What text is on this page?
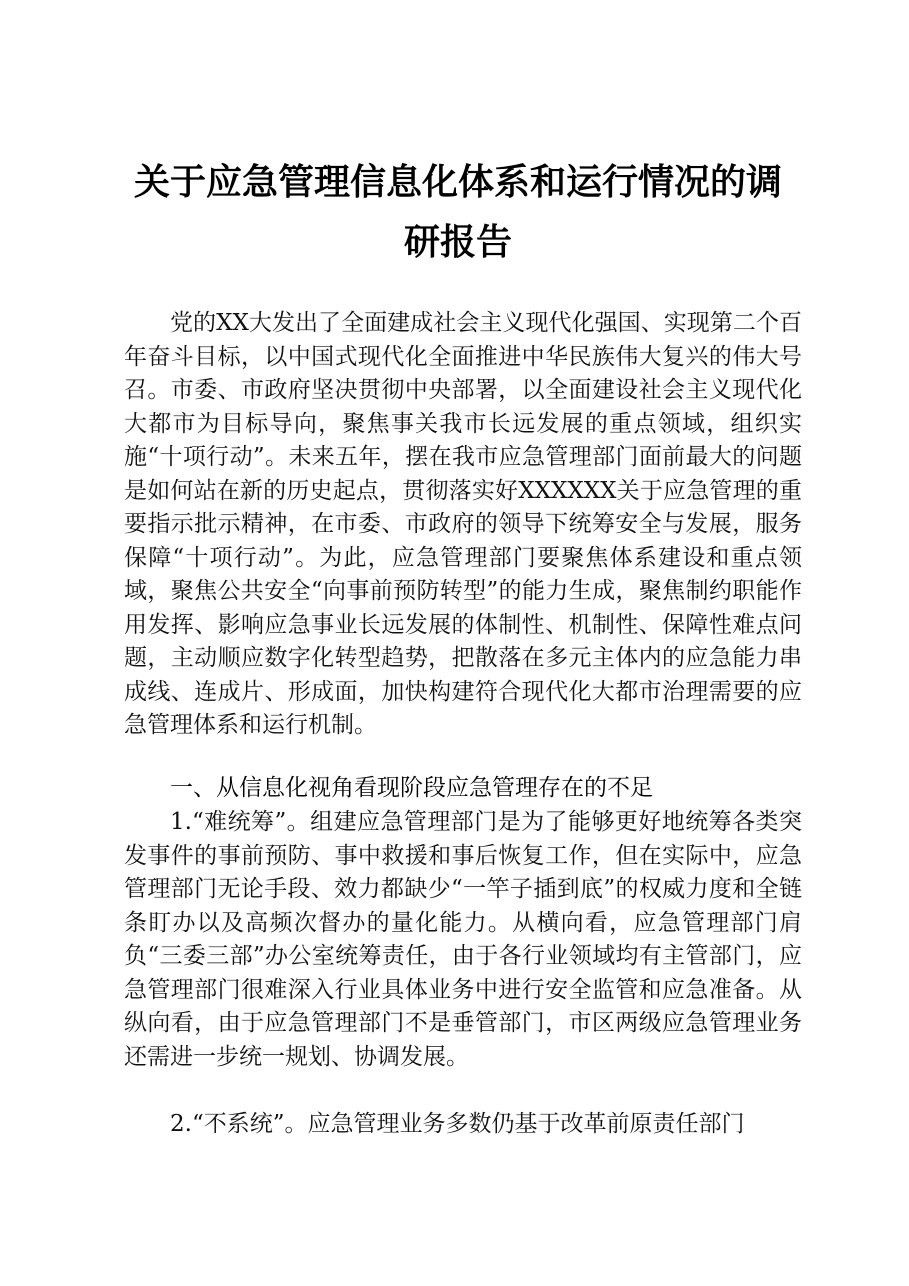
关于应急管理信息化体系和运行情况的调研报告

党的XX大发出了全面建成社会主义现代化强国、实现第二个百年奋斗目标，以中国式现代化全面推进中华民族伟大复兴的伟大号召。市委、市政府坚决贯彻中央部署，以全面建设社会主义现代化大都市为目标导向，聚焦事关我市长远发展的重点领域，组织实施“十项行动”。未来五年，摆在我市应急管理部门面前最大的问题是如何站在新的历史起点，贯彻落实好XXXXXX关于应急管理的重要指示批示精神，在市委、市政府的领导下统筹安全与发展，服务保障“十项行动”。为此，应急管理部门要聚焦体系建设和重点领域，聚焦公共安全“向事前预防转型”的能力生成，聚焦制约职能作用发挥、影响应急事业长远发展的体制性、机制性、保障性难点问题，主动顺应数字化转型趋势，把散落在多元主体内的应急能力串成线、连成片、形成面，加快构建符合现代化大都市治理需要的应急管理体系和运行机制。

一、从信息化视角看现阶段应急管理存在的不足

1.“难统筹”。组建应急管理部门是为了能够更好地统筹各类突发事件的事前预防、事中救援和事后恢复工作，但在实际中，应急管理部门无论手段、效力都缺少“一竿子插到底”的权威力度和全链条盯办以及高频次督办的量化能力。从横向看，应急管理部门肩负“三委三部”办公室统筹责任，由于各行业领域均有主管部门，应急管理部门很难深入行业具体业务中进行安全监管和应急准备。从纵向看，由于应急管理部门不是垂管部门，市区两级应急管理业务还需进一步统一规划、协调发展。

2.“不系统”。应急管理业务多数仍基于改革前原责任部门
